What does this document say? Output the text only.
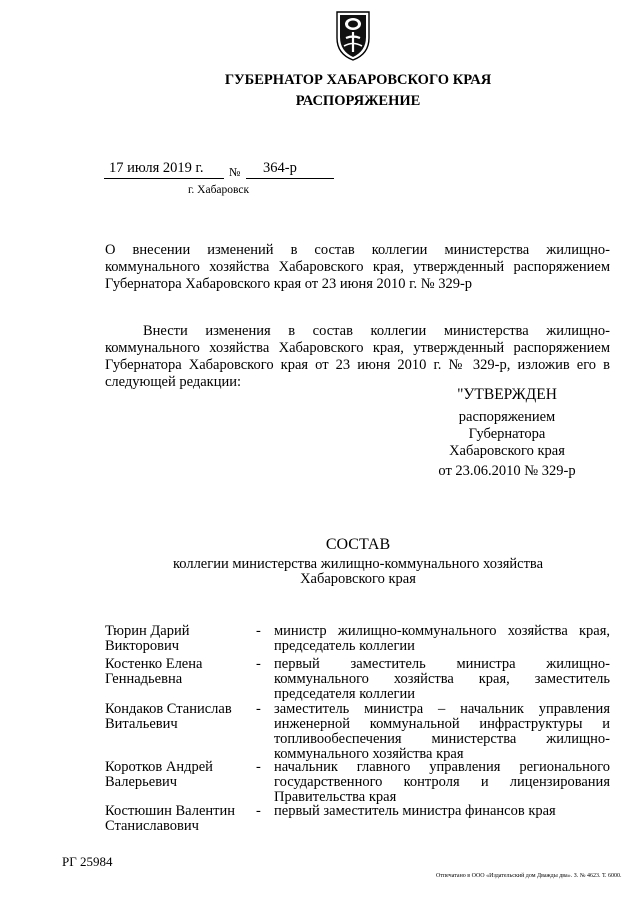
ГУБЕРНАТОР ХАБАРОВСКОГО КРАЯ
РАСПОРЯЖЕНИЕ
17 июля 2019 г. № 364-р
г. Хабаровск
О внесении изменений в состав коллегии министерства жилищно-коммунального хозяйства Хабаровского края, утвержденный распоряжением Губернатора Хабаровского края от 23 июня 2010 г. № 329-р
Внести изменения в состав коллегии министерства жилищно-коммунального хозяйства Хабаровского края, утвержденный распоряжением Губернатора Хабаровского края от 23 июня 2010 г. № 329-р, изложив его в следующей редакции:
"УТВЕРЖДЕН
распоряжением
Губернатора
Хабаровского края
от 23.06.2010 № 329-р
СОСТАВ
коллегии министерства жилищно-коммунального хозяйства
Хабаровского края
Тюрин Дарий
Викторович
- министр жилищно-коммунального хозяйства края, председатель коллегии
Костенко Елена
Геннадьевна
- первый заместитель министра жилищно-коммунального хозяйства края, заместитель председателя коллегии
Кондаков Станислав
Витальевич
- заместитель министра – начальник управления инженерной коммунальной инфраструктуры и топливообеспечения министерства жилищно-коммунального хозяйства края
Коротков Андрей
Валерьевич
- начальник главного управления регионального государственного контроля и лицензирования Правительства края
Костюшин Валентин
Станиславович
- первый заместитель министра финансов края
РГ 25984
Отпечатано в ООО «Издательский дом Дважды два». З. № 4623. Т. 6000.
